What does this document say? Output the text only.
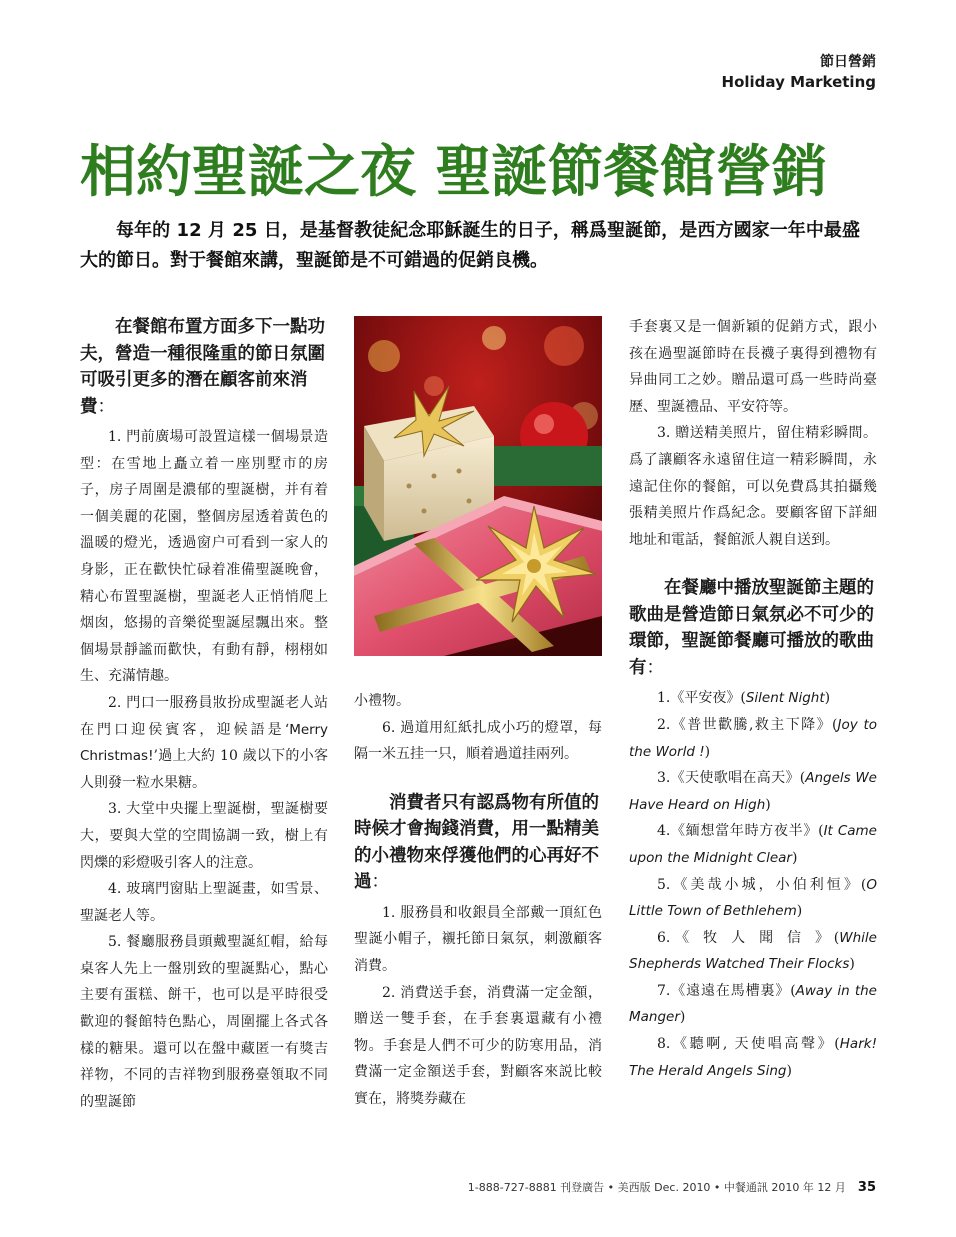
節日營銷
Holiday Marketing
相約聖誕之夜 聖誕節餐館營銷

每年的 12 月 25 日，是基督教徒紀念耶穌誕生的日子，稱爲聖誕節，是西方國家一年中最盛大的節日。對于餐館來講，聖誕節是不可錯過的促銷良機。

在餐館布置方面多下一點功夫，營造一種很隆重的節日氛圍可吸引更多的潛在顧客前來消費：

1. 門前廣場可設置這樣一個場景造型：在雪地上矗立着一座別墅市的房子，房子周圍是濃郁的聖誕樹，并有着一個美麗的花園，整個房屋透着黃色的溫暖的燈光，透過窗户可看到一家人的身影，正在歡快忙碌着准備聖誕晚會，精心布置聖誕樹，聖誕老人正悄悄爬上烟囱，悠揚的音樂從聖誕屋飄出來。整個場景靜謐而歡快，有動有靜，栩栩如生、充滿情趣。

2. 門口一服務員妝扮成聖誕老人站在門口迎侯賓客，迎候語是‘Merry Christmas!’過上大約 10 歲以下的小客人則發一粒水果糖。

3. 大堂中央擺上聖誕樹，聖誕樹要大，要與大堂的空間協調一致，樹上有閃爍的彩燈吸引客人的注意。

4. 玻璃門窗貼上聖誕畫，如雪景、聖誕老人等。

5. 餐廳服務員頭戴聖誕紅帽，給每桌客人先上一盤別致的聖誕點心，點心主要有蛋糕、餅干，也可以是平時很受歡迎的餐館特色點心，周圍擺上各式各樣的糖果。還可以在盤中藏匿一有獎吉祥物，不同的吉祥物到服務臺領取不同的聖誕節

小禮物。

6. 過道用紅紙扎成小巧的燈罩，每隔一米五挂一只，順着過道挂兩列。

消費者只有認爲物有所值的時候才會掏錢消費，用一點精美的小禮物來俘獲他們的心再好不過：

1. 服務員和收銀員全部戴一頂紅色聖誕小帽子，襯托節日氣氛，刺激顧客消費。

2. 消費送手套，消費滿一定金額，贈送一雙手套，在手套裏還藏有小禮物。手套是人們不可少的防寒用品，消費滿一定金額送手套，對顧客來説比較實在，將獎券藏在

手套裏又是一個新穎的促銷方式，跟小孩在過聖誕節時在長襪子裏得到禮物有异曲同工之妙。贈品還可爲一些時尚臺歷、聖誕禮品、平安符等。

3. 贈送精美照片，留住精彩瞬間。爲了讓顧客永遠留住這一精彩瞬間，永遠記住你的餐館，可以免費爲其拍攝幾張精美照片作爲紀念。要顧客留下詳細地址和電話，餐館派人親自送到。

在餐廳中播放聖誕節主題的歌曲是營造節日氣氛必不可少的環節，聖誕節餐廳可播放的歌曲有：

1.《平安夜》(Silent Night)

2.《普世歡騰,救主下降》(Joy to the World !)

3.《天使歌唱在高天》(Angels We Have Heard on High)

4.《緬想當年時方夜半》(It Came upon the Midnight Clear)

5.《美哉小城，小伯利恒》(O Little Town of Bethlehem)

6.《 牧 人 聞 信 》(While Shepherds Watched Their Flocks)

7.《遠遠在馬槽裏》(Away in the Manger)

8.《聽啊, 天使唱高聲》(Hark! The Herald Angels Sing)

1-888-727-8881 刊登廣告 • 美西版 Dec. 2010 • 中餐通訊 2010 年 12 月 35
